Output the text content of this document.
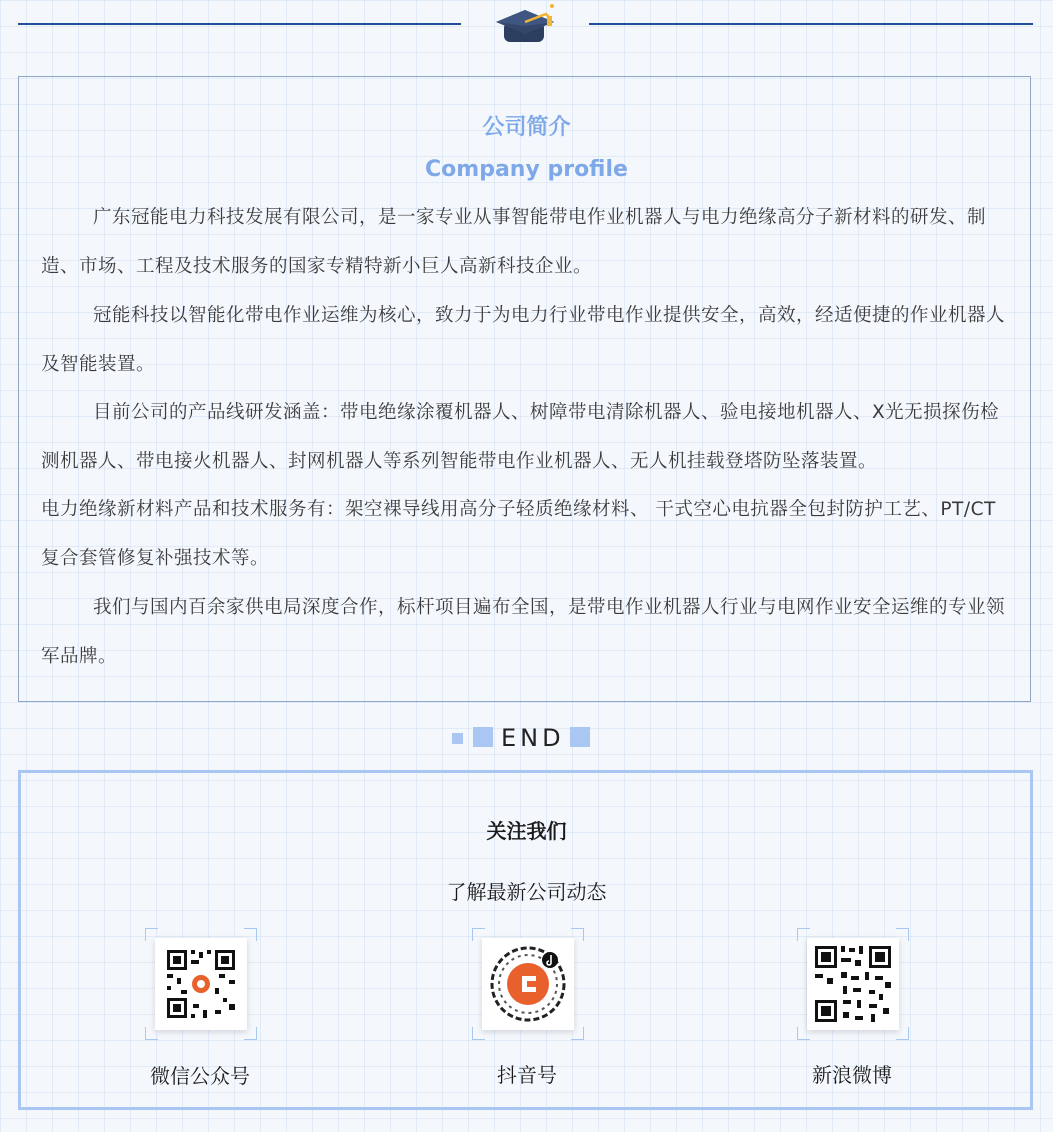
公司简介
Company profile

广东冠能电力科技发展有限公司，是一家专业从事智能带电作业机器人与电力绝缘高分子新材料的研发、制造、市场、工程及技术服务的国家专精特新小巨人高新科技企业。

冠能科技以智能化带电作业运维为核心，致力于为电力行业带电作业提供安全，高效，经适便捷的作业机器人及智能装置。

目前公司的产品线研发涵盖：带电绝缘涂覆机器人、树障带电清除机器人、验电接地机器人、X光无损探伤检测机器人、带电接火机器人、封网机器人等系列智能带电作业机器人、无人机挂载登塔防坠落装置。

电力绝缘新材料产品和技术服务有：架空裸导线用高分子轻质绝缘材料、 干式空心电抗器全包封防护工艺、PT/CT复合套管修复补强技术等。

我们与国内百余家供电局深度合作，标杆项目遍布全国，是带电作业机器人行业与电网作业安全运维的专业领军品牌。

END
关注我们
了解最新公司动态
微信公众号	抖音号	新浪微博
